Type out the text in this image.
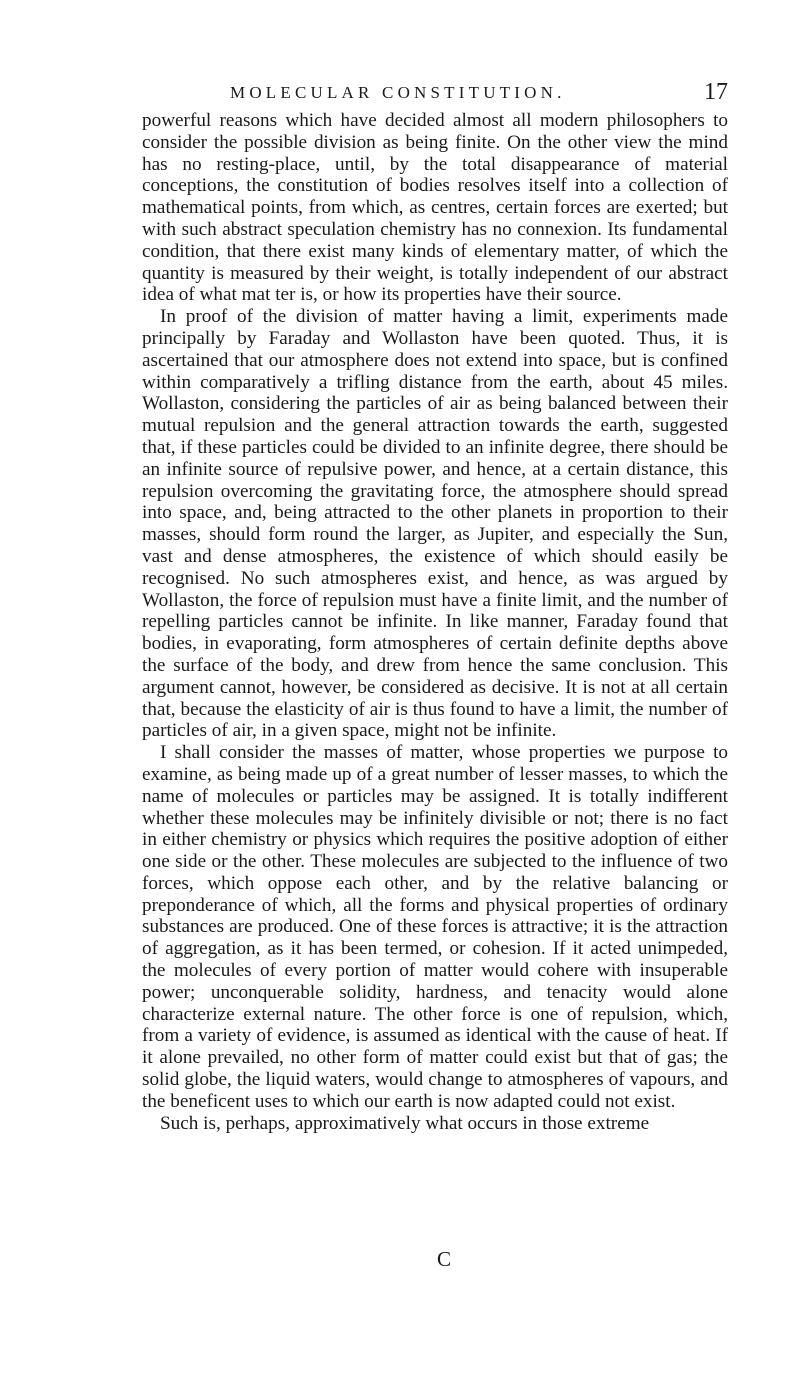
MOLECULAR CONSTITUTION.	17

powerful reasons which have decided almost all modern philosophers to consider the possible division as being finite. On the other view the mind has no resting-place, until, by the total disappearance of material conceptions, the constitution of bodies resolves itself into a collection of mathematical points, from which, as centres, certain forces are exerted; but with such abstract speculation chemistry has no connexion. Its fundamental condition, that there exist many kinds of elementary matter, of which the quantity is measured by their weight, is totally independent of our abstract idea of what mat ter is, or how its properties have their source.

In proof of the division of matter having a limit, experiments made principally by Faraday and Wollaston have been quoted. Thus, it is ascertained that our atmosphere does not extend into space, but is confined within comparatively a trifling distance from the earth, about 45 miles. Wollaston, considering the particles of air as being balanced between their mutual repulsion and the general attraction towards the earth, suggested that, if these particles could be divided to an infinite degree, there should be an infinite source of repulsive power, and hence, at a certain distance, this repulsion overcoming the gravitating force, the atmosphere should spread into space, and, being attracted to the other planets in proportion to their masses, should form round the larger, as Jupiter, and especially the Sun, vast and dense atmospheres, the existence of which should easily be recognised. No such atmospheres exist, and hence, as was argued by Wollaston, the force of repulsion must have a finite limit, and the number of repelling particles cannot be infinite. In like manner, Faraday found that bodies, in evaporating, form atmospheres of certain definite depths above the surface of the body, and drew from hence the same conclusion. This argument cannot, however, be considered as decisive. It is not at all certain that, because the elasticity of air is thus found to have a limit, the number of particles of air, in a given space, might not be infinite.

I shall consider the masses of matter, whose properties we purpose to examine, as being made up of a great number of lesser masses, to which the name of molecules or particles may be assigned. It is totally indifferent whether these molecules may be infinitely divisible or not; there is no fact in either chemistry or physics which requires the positive adoption of either one side or the other. These molecules are subjected to the influence of two forces, which oppose each other, and by the relative balancing or preponderance of which, all the forms and physical properties of ordinary substances are produced. One of these forces is attractive; it is the attraction of aggregation, as it has been termed, or cohesion. If it acted unimpeded, the molecules of every portion of matter would cohere with insuperable power; unconquerable solidity, hardness, and tenacity would alone characterize external nature. The other force is one of repulsion, which, from a variety of evidence, is assumed as identical with the cause of heat. If it alone prevailed, no other form of matter could exist but that of gas; the solid globe, the liquid waters, would change to atmospheres of vapours, and the beneficent uses to which our earth is now adapted could not exist.

Such is, perhaps, approximatively what occurs in those extreme

C
